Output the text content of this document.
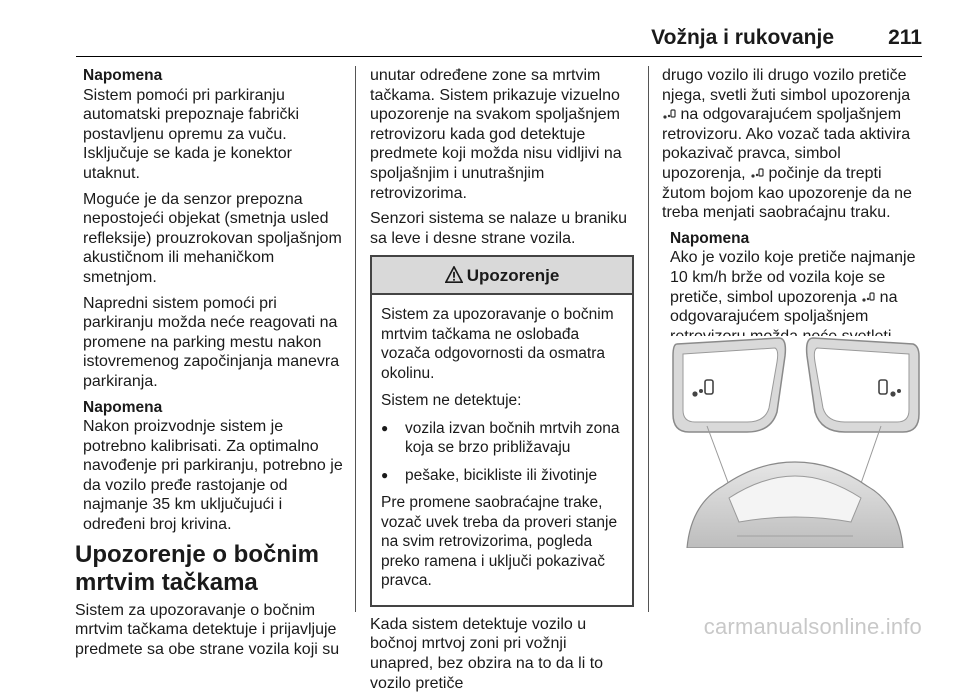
Vožnja i rukovanje	211
Napomena

Sistem pomoći pri parkiranju automatski prepoznaje fabrički postavljenu opremu za vuču. Isključuje se kada je konektor utaknut.

Moguće je da senzor prepozna nepostojeći objekat (smetnja usled refleksije) prouzrokovan spoljašnjom akustičnom ili mehaničkom smetnjom.

Napredni sistem pomoći pri parkiranju možda neće reagovati na promene na parking mestu nakon istovremenog započinjanja manevra parkiranja.

Napomena

Nakon proizvodnje sistem je potrebno kalibrisati. Za optimalno navođenje pri parkiranju, potrebno je da vozilo pređe rastojanje od najmanje 35 km uključujući i određeni broj krivina.

Upozorenje o bočnim mrtvim tačkama

Sistem za upozoravanje o bočnim mrtvim tačkama detektuje i prijavljuje predmete sa obe strane vozila koji su

unutar određene zone sa mrtvim tačkama. Sistem prikazuje vizuelno upozorenje na svakom spoljašnjem retrovizoru kada god detektuje predmete koji možda nisu vidljivi na spoljašnjim i unutrašnjim retrovizorima.

Senzori sistema se nalaze u braniku sa leve i desne strane vozila.

Upozorenje

Sistem za upozoravanje o bočnim mrtvim tačkama ne oslobađa vozača odgovornosti da osmatra okolinu.

Sistem ne detektuje:

● vozila izvan bočnih mrtvih zona koja se brzo približavaju
● pešake, bicikliste ili životinje

Pre promene saobraćajne trake, vozač uvek treba da proveri stanje na svim retrovizorima, pogleda preko ramena i uključi pokazivač pravca.

Kada sistem detektuje vozilo u bočnoj mrtvoj zoni pri vožnji unapred, bez obzira na to da li to vozilo pretiče

drugo vozilo ili drugo vozilo pretiče njega, svetli žuti simbol upozorenja  na odgovarajućem spoljašnjem retrovizoru. Ako vozač tada aktivira pokazivač pravca, simbol upozorenja, počinje da trepti žutom bojom kao upozorenje da ne treba menjati saobraćajnu traku.

Napomena

Ako je vozilo koje pretiče najmanje 10 km/h brže od vozila koje se pretiče, simbol upozorenja na odgovarajućem spoljašnjem

carmanualsonline.info
